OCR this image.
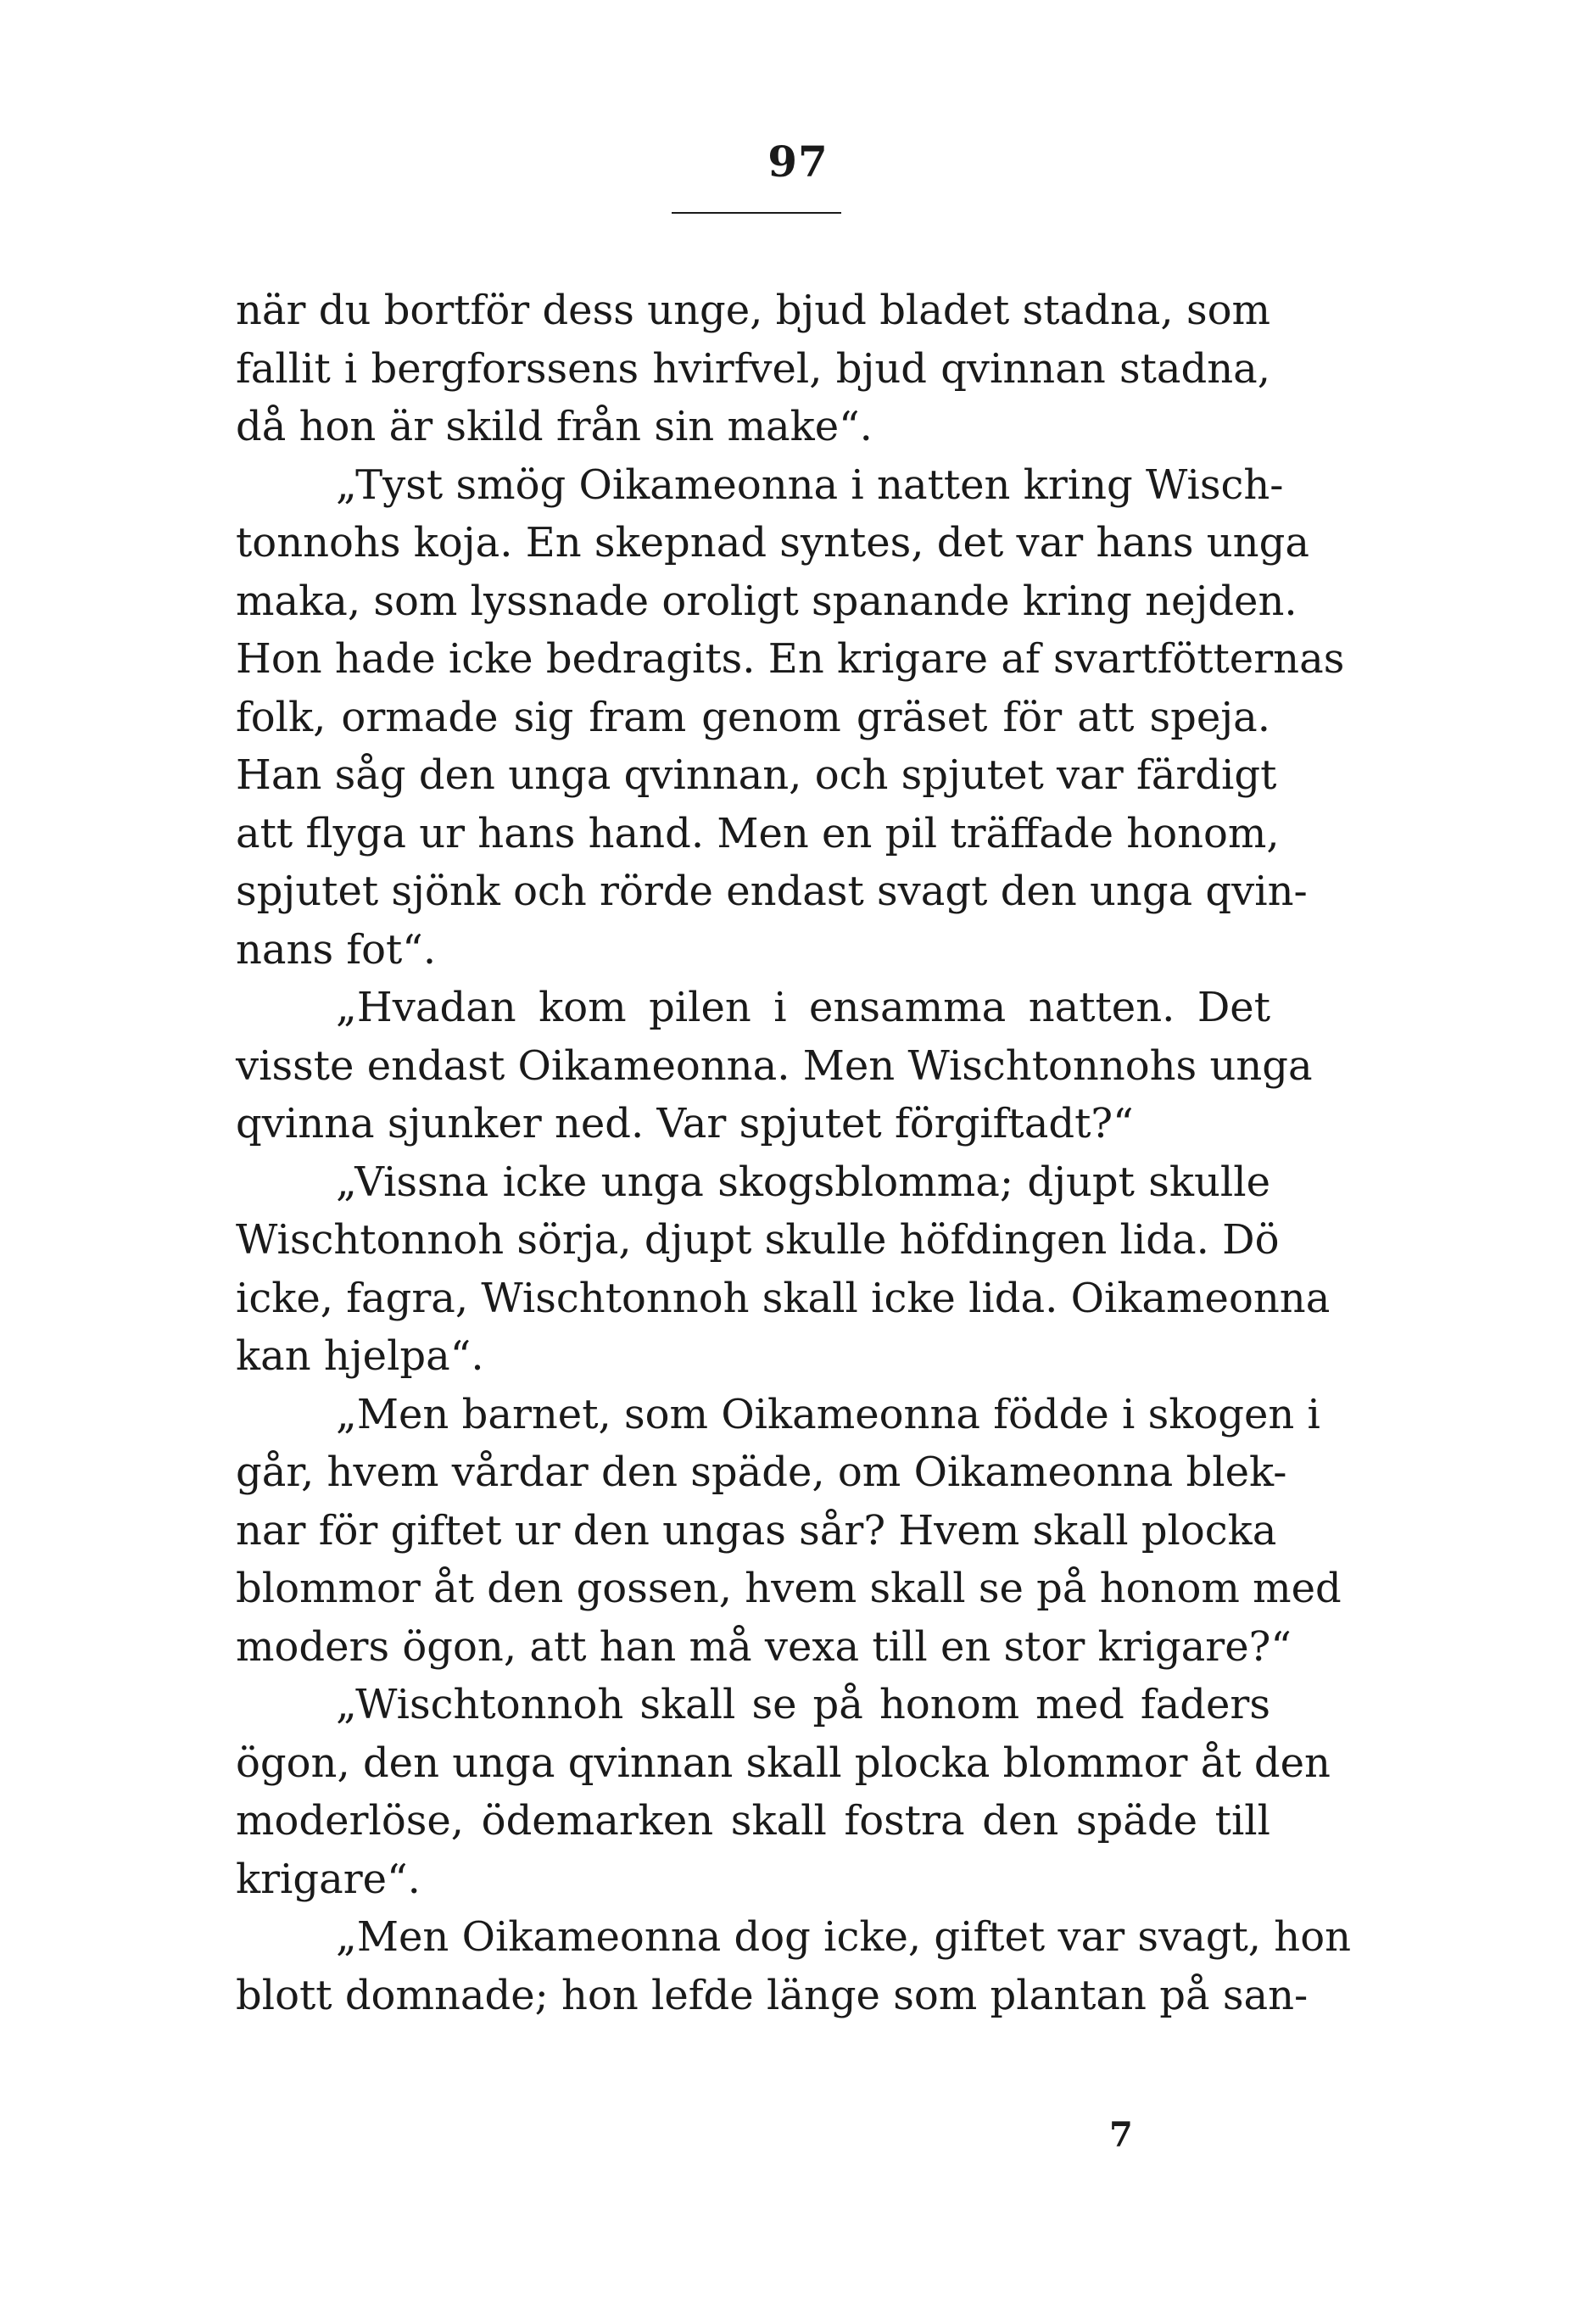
97
när du bortför dess unge, bjud bladet stadna, som
fallit i bergforssens hvirfvel, bjud qvinnan stadna,
då hon är skild från sin make“.
„Tyst smög Oikameonna i natten kring Wisch-
tonnohs koja. En skepnad syntes, det var hans unga
maka, som lyssnade oroligt spanande kring nejden.
Hon hade icke bedragits. En krigare af svartfötternas
folk, ormade sig fram genom gräset för att speja.
Han såg den unga qvinnan, och spjutet var färdigt
att flyga ur hans hand. Men en pil träffade honom,
spjutet sjönk och rörde endast svagt den unga qvin-
nans fot“.
„Hvadan kom pilen i ensamma natten. Det
visste endast Oikameonna. Men Wischtonnohs unga
qvinna sjunker ned. Var spjutet förgiftadt?“
„Vissna icke unga skogsblomma; djupt skulle
Wischtonnoh sörja, djupt skulle höfdingen lida. Dö
icke, fagra, Wischtonnoh skall icke lida. Oikameonna
kan hjelpa“.
„Men barnet, som Oikameonna födde i skogen i
går, hvem vårdar den späde, om Oikameonna blek-
nar för giftet ur den ungas sår? Hvem skall plocka
blommor åt den gossen, hvem skall se på honom med
moders ögon, att han må vexa till en stor krigare?“
„Wischtonnoh skall se på honom med faders
ögon, den unga qvinnan skall plocka blommor åt den
moderlöse, ödemarken skall fostra den späde till
krigare“.
„Men Oikameonna dog icke, giftet var svagt, hon
blott domnade; hon lefde länge som plantan på san-
7
